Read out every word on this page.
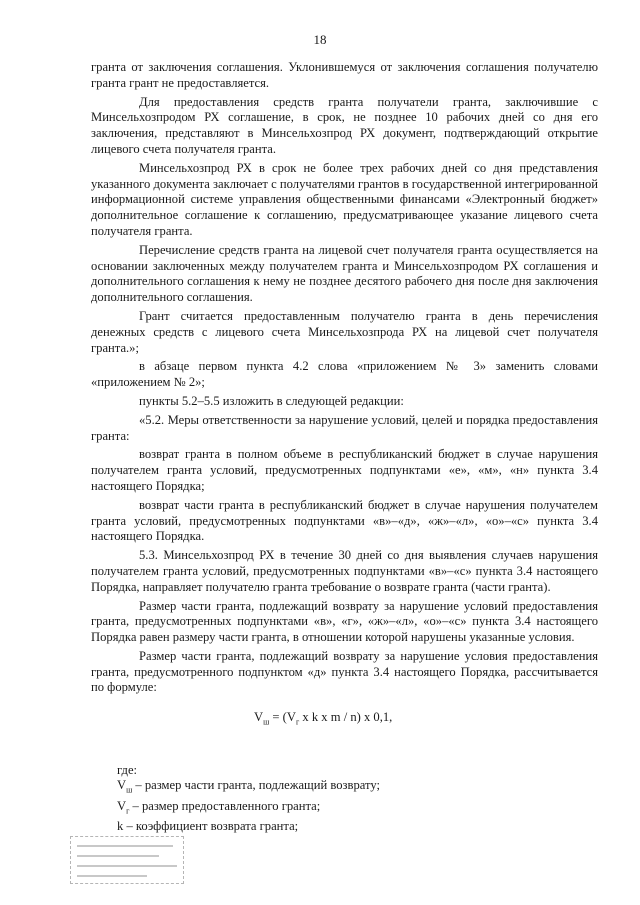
18

гранта от заключения соглашения. Уклонившемуся от заключения соглашения получателю гранта грант не предоставляется.

Для предоставления средств гранта получатели гранта, заключившие с Минсельхозпродом РХ соглашение, в срок, не позднее 10 рабочих дней со дня его заключения, представляют в Минсельхозпрод РХ документ, подтверждающий открытие лицевого счета получателя гранта.

Минсельхозпрод РХ в срок не более трех рабочих дней со дня представления указанного документа заключает с получателями грантов в государственной интегрированной информационной системе управления общественными финансами «Электронный бюджет» дополнительное соглашение к соглашению, предусматривающее указание лицевого счета получателя гранта.

Перечисление средств гранта на лицевой счет получателя гранта осуществляется на основании заключенных между получателем гранта и Минсельхозпродом РХ соглашения и дополнительного соглашения к нему не позднее десятого рабочего дня после дня заключения дополнительного соглашения.

Грант считается предоставленным получателю гранта в день перечисления денежных средств с лицевого счета Минсельхозпрода РХ на лицевой счет получателя гранта.»;

в абзаце первом пункта 4.2 слова «приложением № 3» заменить словами «приложением № 2»;

пункты 5.2–5.5 изложить в следующей редакции:

«5.2. Меры ответственности за нарушение условий, целей и порядка предоставления гранта:

возврат гранта в полном объеме в республиканский бюджет в случае нарушения получателем гранта условий, предусмотренных подпунктами «е», «м», «н» пункта 3.4 настоящего Порядка;

возврат части гранта в республиканский бюджет в случае нарушения получателем гранта условий, предусмотренных подпунктами «в»–«д», «ж»–«л», «о»–«с» пункта 3.4 настоящего Порядка.

5.3. Минсельхозпрод РХ в течение 30 дней со дня выявления случаев нарушения получателем гранта условий, предусмотренных подпунктами «в»–«с» пункта 3.4 настоящего Порядка, направляет получателю гранта требование о возврате гранта (части гранта).

Размер части гранта, подлежащий возврату за нарушение условий предоставления гранта, предусмотренных подпунктами «в», «г», «ж»–«л», «о»–«с» пункта 3.4 настоящего Порядка равен размеру части гранта, в отношении которой нарушены указанные условия.

Размер части гранта, подлежащий возврату за нарушение условия предоставления гранта, предусмотренного подпунктом «д» пункта 3.4 настоящего Порядка, рассчитывается по формуле:

$V_ш = (V_г$ x k x m / n) x 0,1,

где:

$V_ш$ – размер части гранта, подлежащий возврату;

$V_г$ – размер предоставленного гранта;

k – коэффициент возврата гранта;
